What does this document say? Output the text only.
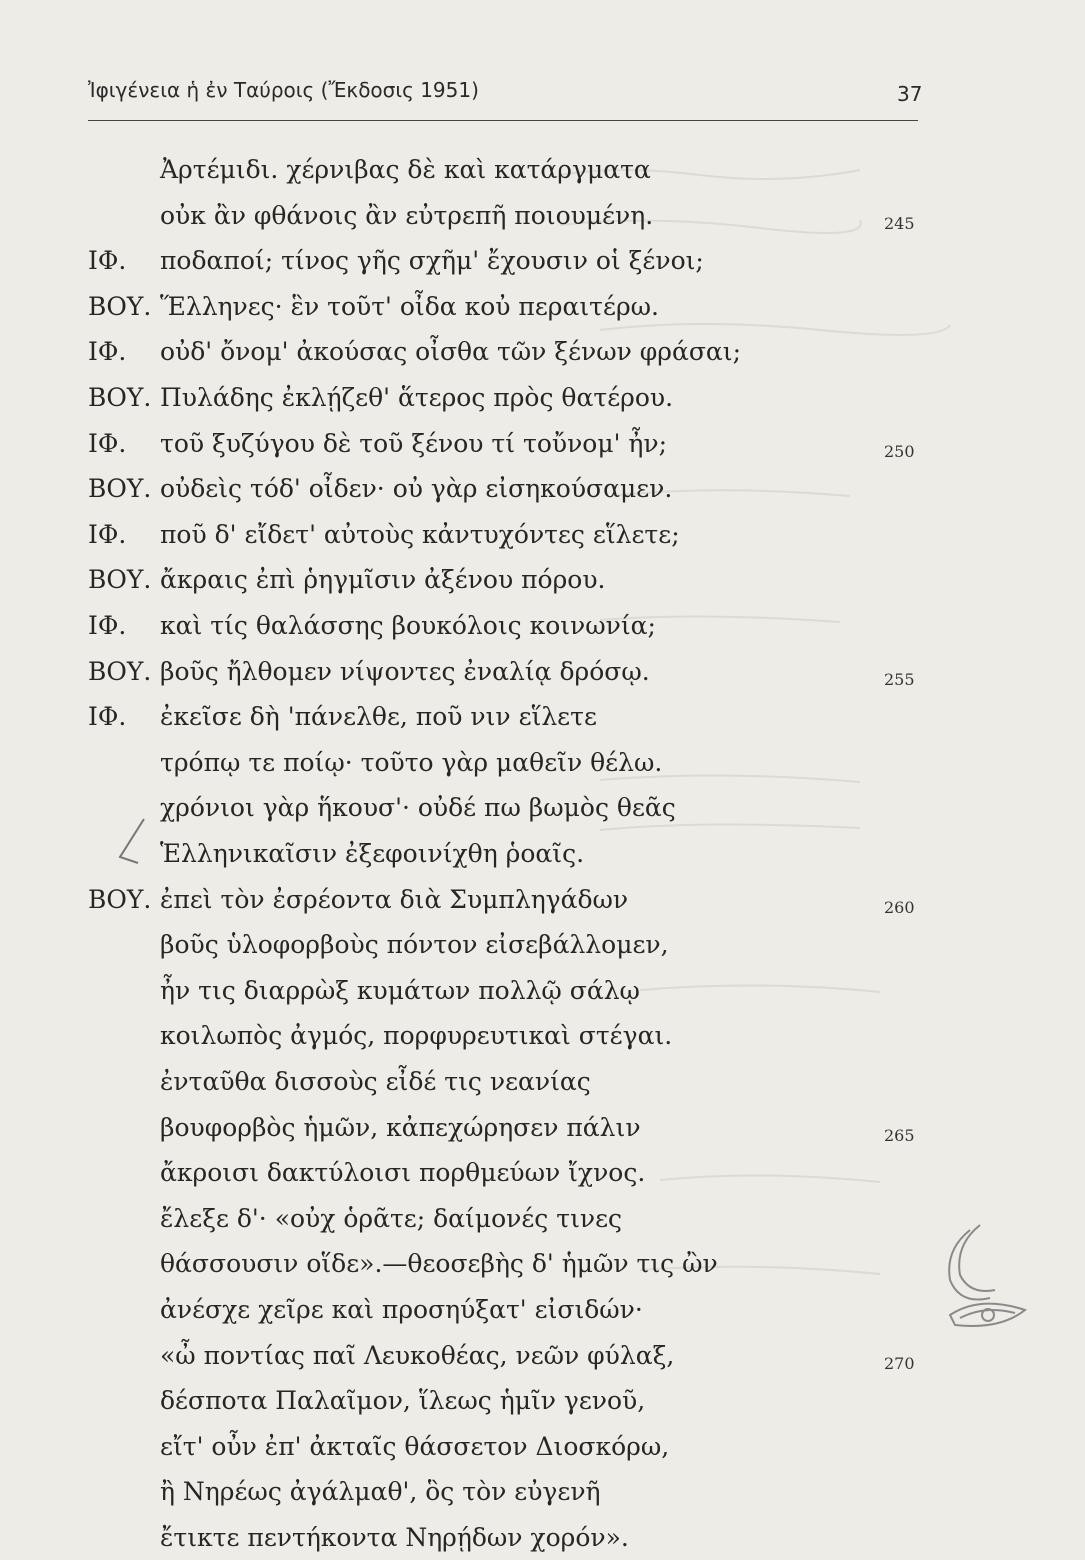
Ἰφιγένεια ἡ ἐν Ταύροις (Ἔκδοσις 1951)	37
Ἀρτέμιδι. χέρνιβας δὲ καὶ κατάργματα
οὐκ ἂν φθάνοις ἂν εὐτρεπῆ ποιουμένη.	245
ΙΦ. ποδαποί; τίνος γῆς σχῆμ' ἔχουσιν οἱ ξένοι;
ΒΟΥ. Ἕλληνες· ἓν τοῦτ' οἶδα κοὐ περαιτέρω.
ΙΦ. οὐδ' ὄνομ' ἀκούσας οἶσθα τῶν ξένων φράσαι;
ΒΟΥ. Πυλάδης ἐκλῄζεθ' ἅτερος πρὸς θατέρου.
ΙΦ. τοῦ ξυζύγου δὲ τοῦ ξένου τί τοὔνομ' ἦν;	250
ΒΟΥ. οὐδεὶς τόδ' οἶδεν· οὐ γὰρ εἰσηκούσαμεν.
ΙΦ. ποῦ δ' εἴδετ' αὐτοὺς κἀντυχόντες εἵλετε;
ΒΟΥ. ἄκραις ἐπὶ ῥηγμῖσιν ἀξένου πόρου.
ΙΦ. καὶ τίς θαλάσσης βουκόλοις κοινωνία;
ΒΟΥ. βοῦς ἤλθομεν νίψοντες ἐναλίᾳ δρόσῳ.	255
ΙΦ. ἐκεῖσε δὴ 'πάνελθε, ποῦ νιν εἵλετε
τρόπῳ τε ποίῳ· τοῦτο γὰρ μαθεῖν θέλω.
χρόνιοι γὰρ ἥκουσ'· οὐδέ πω βωμὸς θεᾶς
Ἑλληνικαῖσιν ἐξεφοινίχθη ῥοαῖς.
ΒΟΥ. ἐπεὶ τὸν ἐσρέοντα διὰ Συμπληγάδων	260
βοῦς ὑλοφορβοὺς πόντον εἰσεβάλλομεν,
ἦν τις διαρρὼξ κυμάτων πολλῷ σάλῳ
κοιλωπὸς ἀγμός, πορφυρευτικαὶ στέγαι.
ἐνταῦθα δισσοὺς εἶδέ τις νεανίας
βουφορβὸς ἡμῶν, κἀπεχώρησεν πάλιν	265
ἄκροισι δακτύλοισι πορθμεύων ἴχνος.
ἔλεξε δ'· «οὐχ ὁρᾶτε; δαίμονές τινες
θάσσουσιν οἵδε».—θεοσεβὴς δ' ἡμῶν τις ὢν
ἀνέσχε χεῖρε καὶ προσηύξατ' εἰσιδών·
«ὦ ποντίας παῖ Λευκοθέας, νεῶν φύλαξ,	270
δέσποτα Παλαῖμον, ἵλεως ἡμῖν γενοῦ,
εἴτ' οὖν ἐπ' ἀκταῖς θάσσετον Διοσκόρω,
ἢ Νηρέως ἀγάλμαθ', ὃς τὸν εὐγενῆ
ἔτικτε πεντήκοντα Νηρῄδων χορόν».
